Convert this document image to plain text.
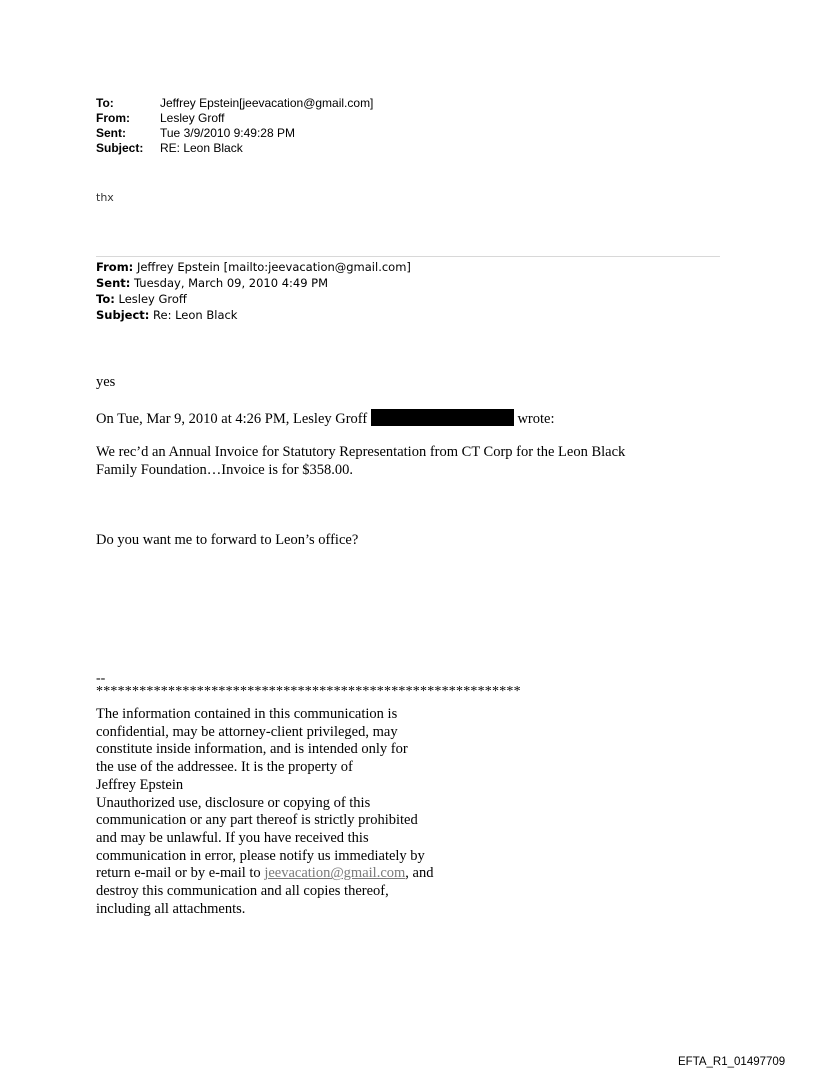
To:	Jeffrey Epstein[jeevacation@gmail.com]
From:	Lesley Groff
Sent:	Tue 3/9/2010 9:49:28 PM
Subject:	RE: Leon Black
thx
From: Jeffrey Epstein [mailto:jeevacation@gmail.com]
Sent: Tuesday, March 09, 2010 4:49 PM
To: Lesley Groff
Subject: Re: Leon Black
yes
On Tue, Mar 9, 2010 at 4:26 PM, Lesley Groff	wrote:
We rec’d an Annual Invoice for Statutory Representation from CT Corp for the Leon Black
Family Foundation…Invoice is for $358.00.
Do you want me to forward to Leon’s office?
--
***********************************************************
The information contained in this communication is
confidential, may be attorney-client privileged, may
constitute inside information, and is intended only for
the use of the addressee. It is the property of
Jeffrey Epstein
Unauthorized use, disclosure or copying of this
communication or any part thereof is strictly prohibited
and may be unlawful. If you have received this
communication in error, please notify us immediately by
return e-mail or by e-mail to jeevacation@gmail.com, and
destroy this communication and all copies thereof,
including all attachments.
EFTA_R1_01497709
